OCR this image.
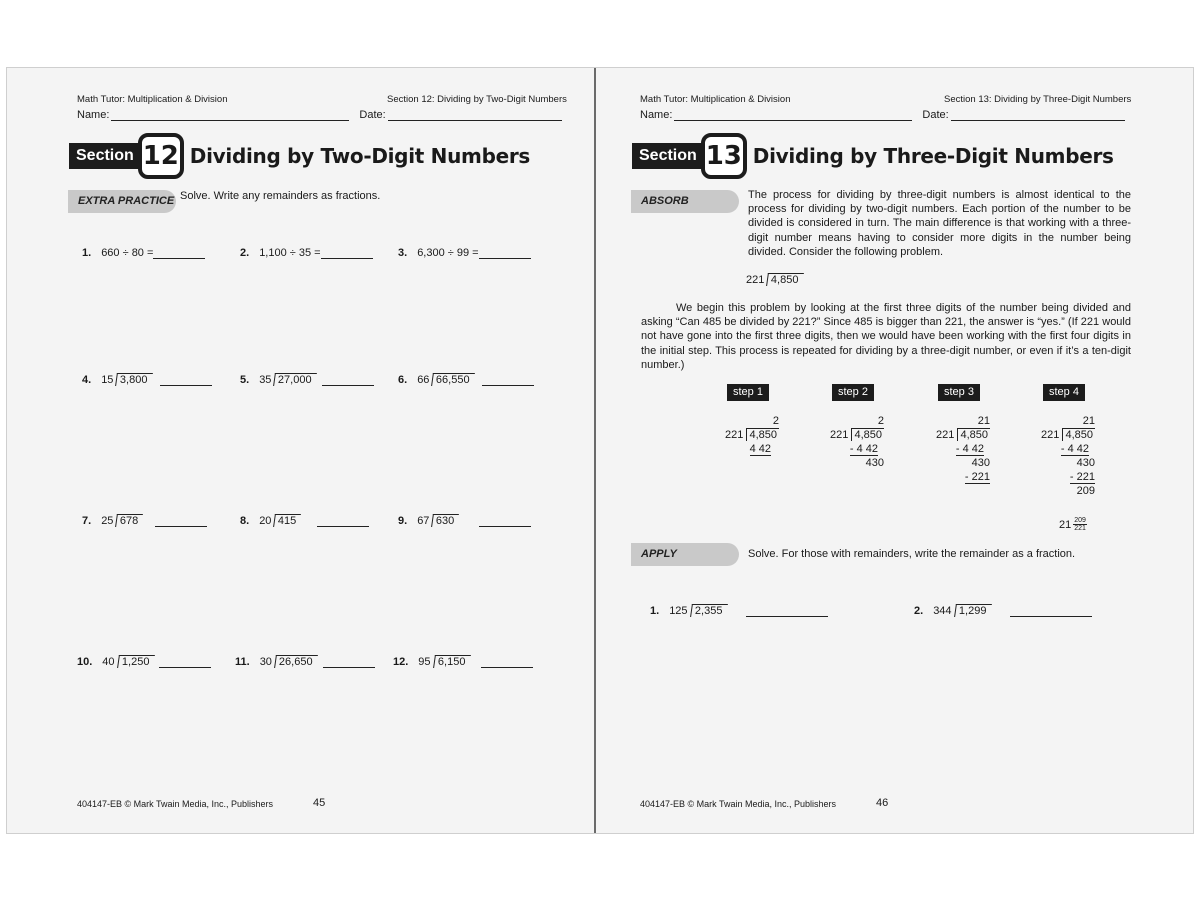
Math Tutor: Multiplication & Division	Section 12: Dividing by Two-Digit Numbers
Name:	Date:
Section 12 Dividing by Two-Digit Numbers
EXTRA PRACTICE Solve. Write any remainders as fractions.
1. 660 ÷ 80 =	2. 1,100 ÷ 35 =	3. 6,300 ÷ 99 =
4. 15 3,800	5. 35 27,000	6. 66 66,550
7. 25 678	8. 20 415	9. 67 630
10. 40 1,250	11. 30 26,650	12. 95 6,150
404147-EB © Mark Twain Media, Inc., Publishers	45
Math Tutor: Multiplication & Division	Section 13: Dividing by Three-Digit Numbers
Name:	Date:
Section 13 Dividing by Three-Digit Numbers
ABSORB	The process for dividing by three-digit numbers is almost identical to the process for dividing by two-digit numbers. Each portion of the number to be divided is considered in turn. The main difference is that working with a three-digit number means having to consider more digits in the number being divided. Consider the following problem.
221 4,850
We begin this problem by looking at the first three digits of the number being divided and asking “Can 485 be divided by 221?” Since 485 is bigger than 221, the answer is “yes.” (If 221 would not have gone into the first three digits, then we would have been working with the first four digits in the initial step. This process is repeated for dividing by a three-digit number, or even if it’s a ten-digit number.)
step 1	step 2	step 3	step 4
2
221 4,850
4 42
2
221 4,850
- 4 42
430
21
221 4,850
- 4 42
430
- 221
21
221 4,850
- 4 42
430
- 221
209
$21 \frac{209}{221}$
APPLY	Solve. For those with remainders, write the remainder as a fraction.
1. 125 2,355	2. 344 1,299
404147-EB © Mark Twain Media, Inc., Publishers	46
